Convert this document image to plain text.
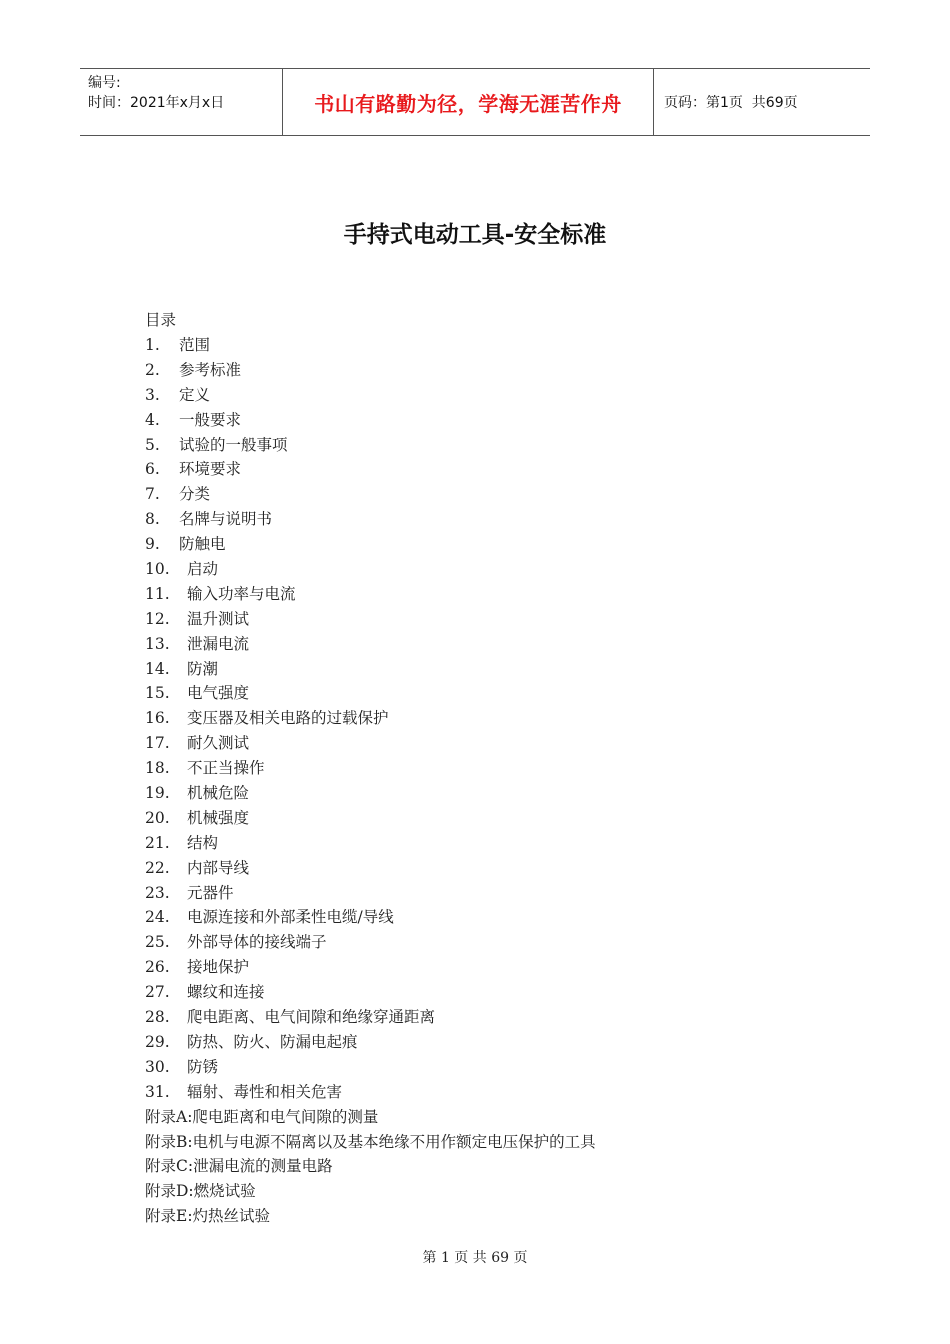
编号:
时间：2021年x月x日	书山有路勤为径，学海无涯苦作舟	页码：第1页  共69页
手持式电动工具-安全标准
目录
1.	范围
2.	参考标准
3.	定义
4.	一般要求
5.	试验的一般事项
6.	环境要求
7.	分类
8.	名牌与说明书
9.	防触电
10.	启动
11.	输入功率与电流
12.	温升测试
13.	泄漏电流
14.	防潮
15.	电气强度
16.	变压器及相关电路的过载保护
17.	耐久测试
18.	不正当操作
19.	机械危险
20.	机械强度
21.	结构
22.	内部导线
23.	元器件
24.	电源连接和外部柔性电缆/导线
25.	外部导体的接线端子
26.	接地保护
27.	螺纹和连接
28.	爬电距离、电气间隙和绝缘穿通距离
29.	防热、防火、防漏电起痕
30.	防锈
31.	辐射、毒性和相关危害
附录A: 爬电距离和电气间隙的测量
附录B: 电机与电源不隔离以及基本绝缘不用作额定电压保护的工具
附录C: 泄漏电流的测量电路
附录D: 燃烧试验
附录E: 灼热丝试验
第 1 页 共 69 页
